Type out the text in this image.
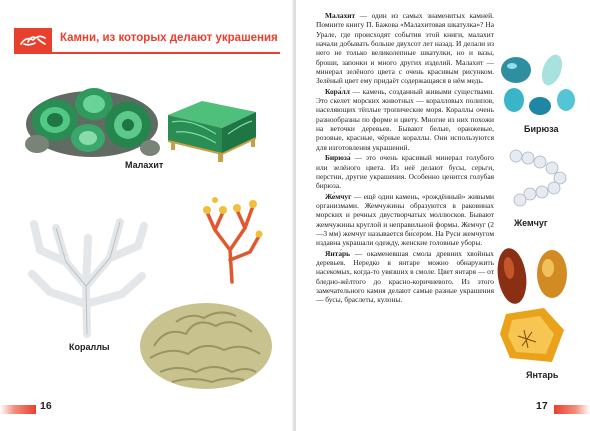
Камни, из которых делают украшения
Малахит
Кораллы
16

Малахит — один из самых знаменитых камней. Помните книгу П. Бажова «Малахитовая шкатулка»? На Урале, где происходят события этой книги, малахит начали добывать больше двухсот лет назад. И делали из него не только великолепные шкатулки, но и вазы, броши, запонки и много других изделий. Малахит — минерал зелёного цвета с очень красивым рисунком. Зелёный цвет ему придаёт содержащаяся в нём медь.

Кора́лл — камень, созданный живыми существами. Это скелет морских животных — коралловых полипов, населяющих тёплые тропические моря. Кораллы очень разнообразны по форме и цвету. Многие из них похожи на веточки деревьев. Бывают белые, оранжевые, розовые, красные, чёрные кораллы. Они используются для изготовления украшений.

Бирюза́ — это очень красивый минерал голубого или зелёного цвета. Из неё делают бусы, серьги, перстни, другие украшения. Особенно ценится голубая бирюза.

Же́мчуг — ещё один камень, «рождённый» живыми организмами. Жемчужины образуются в раковинах морских и речных двустворчатых моллюсков. Бывают жемчужины круглой и неправильной формы. Жемчуг (2—3 мм) жемчуг называется би́сером. На Руси жемчугом издавна украшали одежду, женские головные уборы.

Янта́рь — окаменевшая смола древних хвойных деревьев. Нередко в янтаре можно обнаружить насекомых, когда-то увязших в смоле. Цвет янтаря — от бледно-жёлтого до красно-коричневого. Из этого замечательного камня делают самые разные украшения — бусы, браслеты, кулоны.

Бирюза
Жемчуг
Янтарь
17
